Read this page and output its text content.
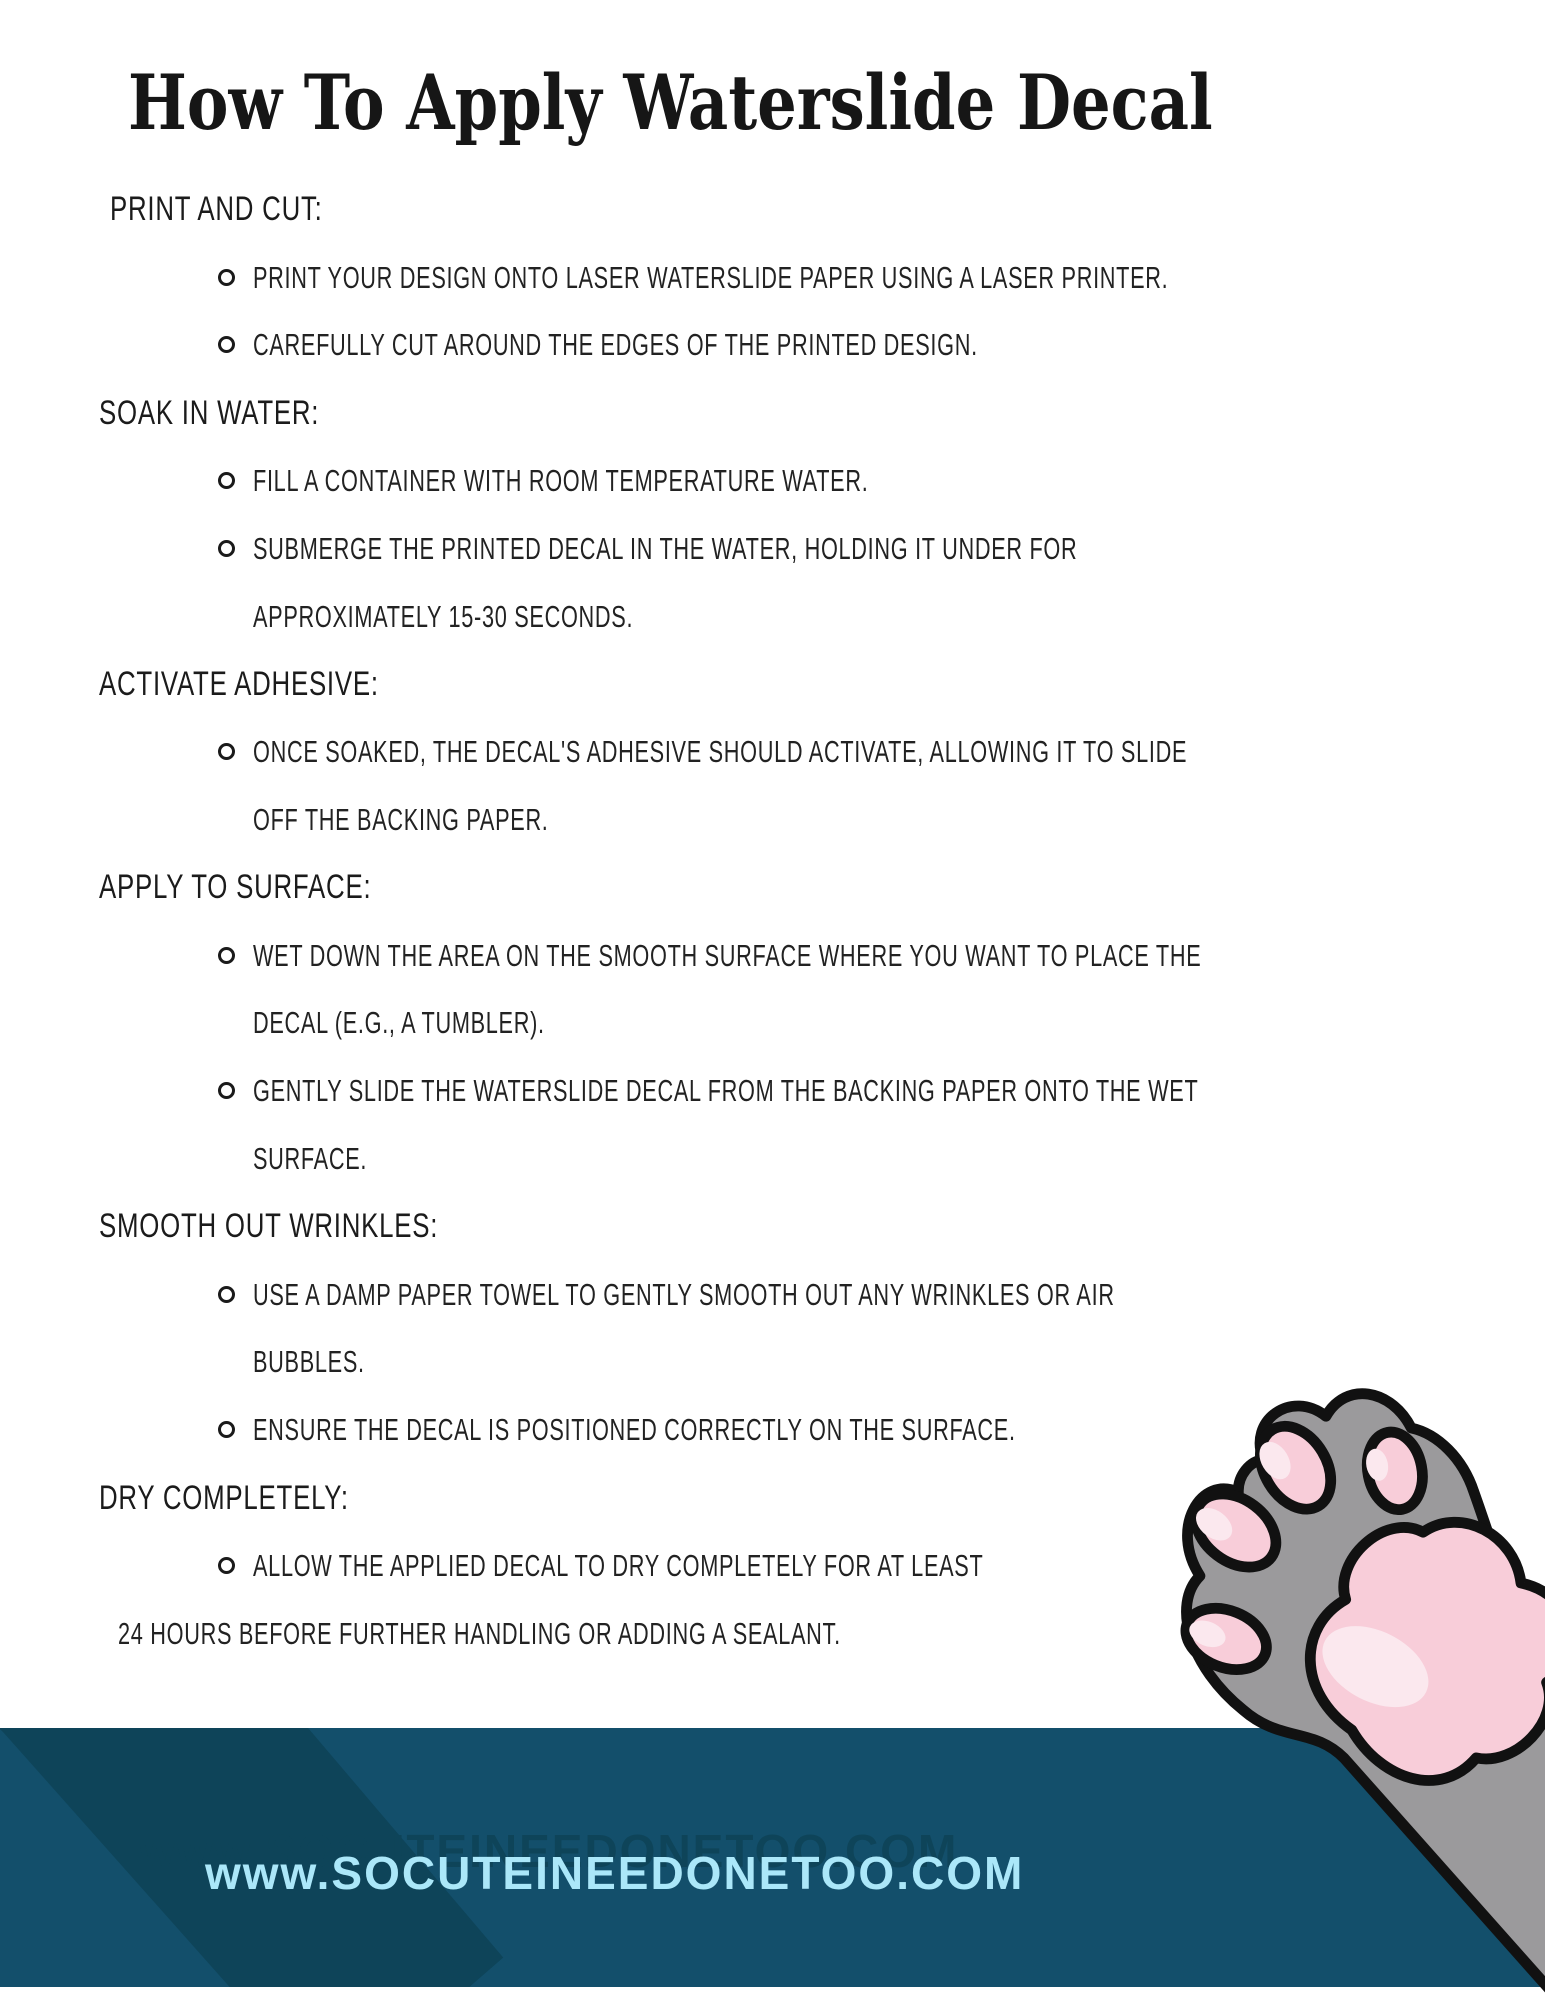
How To Apply Waterslide Decal
PRINT AND CUT:
PRINT YOUR DESIGN ONTO LASER WATERSLIDE PAPER USING A LASER PRINTER.
CAREFULLY CUT AROUND THE EDGES OF THE PRINTED DESIGN.
SOAK IN WATER:
FILL A CONTAINER WITH ROOM TEMPERATURE WATER.
SUBMERGE THE PRINTED DECAL IN THE WATER, HOLDING IT UNDER FOR
APPROXIMATELY 15-30 SECONDS.
ACTIVATE ADHESIVE:
ONCE SOAKED, THE DECAL'S ADHESIVE SHOULD ACTIVATE, ALLOWING IT TO SLIDE
OFF THE BACKING PAPER.
APPLY TO SURFACE:
WET DOWN THE AREA ON THE SMOOTH SURFACE WHERE YOU WANT TO PLACE THE
DECAL (E.G., A TUMBLER).
GENTLY SLIDE THE WATERSLIDE DECAL FROM THE BACKING PAPER ONTO THE WET
SURFACE.
SMOOTH OUT WRINKLES:
USE A DAMP PAPER TOWEL TO GENTLY SMOOTH OUT ANY WRINKLES OR AIR
BUBBLES.
ENSURE THE DECAL IS POSITIONED CORRECTLY ON THE SURFACE.
DRY COMPLETELY:
ALLOW THE APPLIED DECAL TO DRY COMPLETELY FOR AT LEAST
24 HOURS BEFORE FURTHER HANDLING OR ADDING A SEALANT.
www.SOCUTEINEEDONETOO.COM
